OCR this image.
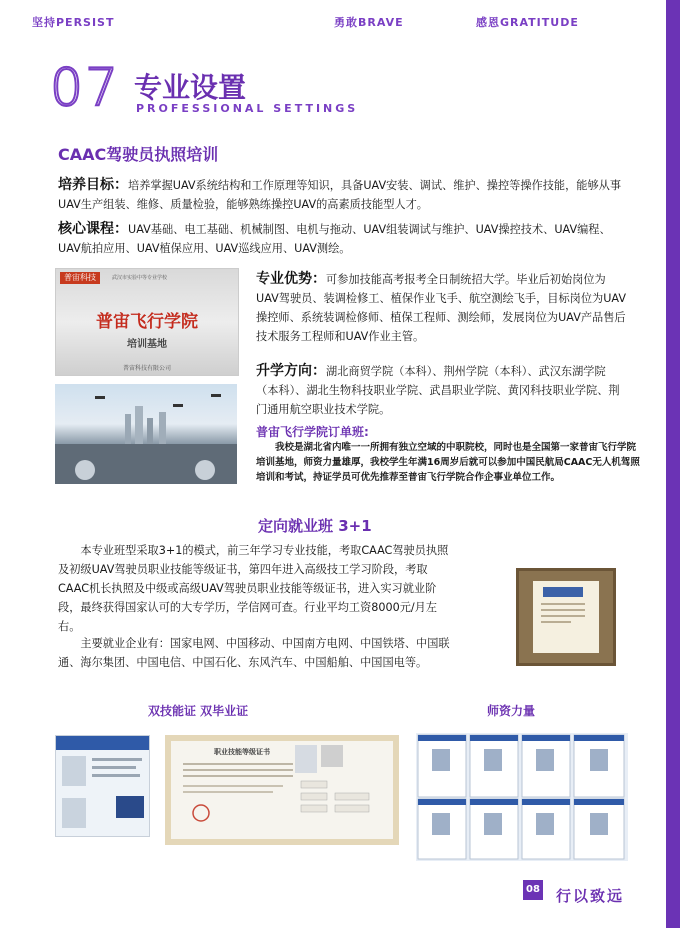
坚持PERSIST	勇敢BRAVE	感恩GRATITUDE
07 专业设置
PROFESSIONAL SETTINGS
CAAC驾驶员执照培训
培养目标：培养掌握UAV系统结构和工作原理等知识，具备UAV安装、调试、维护、操控等操作技能，能够从事UAV生产组装、维修、质量检验，能够熟练操控UAV的高素质技能型人才。
核心课程：UAV基础、电工基础、机械制图、电机与拖动、UAV组装调试与维护、UAV操控技术、UAV编程、UAV航拍应用、UAV植保应用、UAV巡线应用、UAV测绘。
普宙科技	武汉市实验中等专业学校
普宙飞行学院
培训基地
普宙科技有限公司
专业优势：可参加技能高考报考全日制统招大学。毕业后初始岗位为UAV驾驶员、装调检修工、植保作业飞手、航空测绘飞手，目标岗位为UAV操控师、系统装调检修师、植保工程师、测绘师，发展岗位为UAV产品售后技术服务工程师和UAV作业主管。
升学方向：湖北商贸学院（本科）、荆州学院（本科）、武汉东湖学院（本科）、湖北生物科技职业学院、武昌职业学院、黄冈科技职业学院、荆门通用航空职业技术学院。
普宙飞行学院订单班:
我校是湖北省内唯一一所拥有独立空域的中职院校，同时也是全国第一家普宙飞行学院培训基地，师资力量雄厚，我校学生年满16周岁后就可以参加中国民航局CAAC无人机驾照培训和考试，持证学员可优先推荐至普宙飞行学院合作企事业单位工作。
定向就业班 3+1
本专业班型采取3+1的模式，前三年学习专业技能，考取CAAC驾驶员执照及初级UAV驾驶员职业技能等级证书，第四年进入高级技工学习阶段，考取CAAC机长执照及中级或高级UAV驾驶员职业技能等级证书，进入实习就业阶段，最终获得国家认可的大专学历，学信网可查。行业平均工资8000元/月左右。
主要就业企业有：国家电网、中国移动、中国南方电网、中国铁塔、中国联通、海尔集团、中国电信、中国石化、东风汽车、中国船舶、中国国电等。
双技能证 双毕业证	师资力量
职业技能等级证书
08 行以致远
